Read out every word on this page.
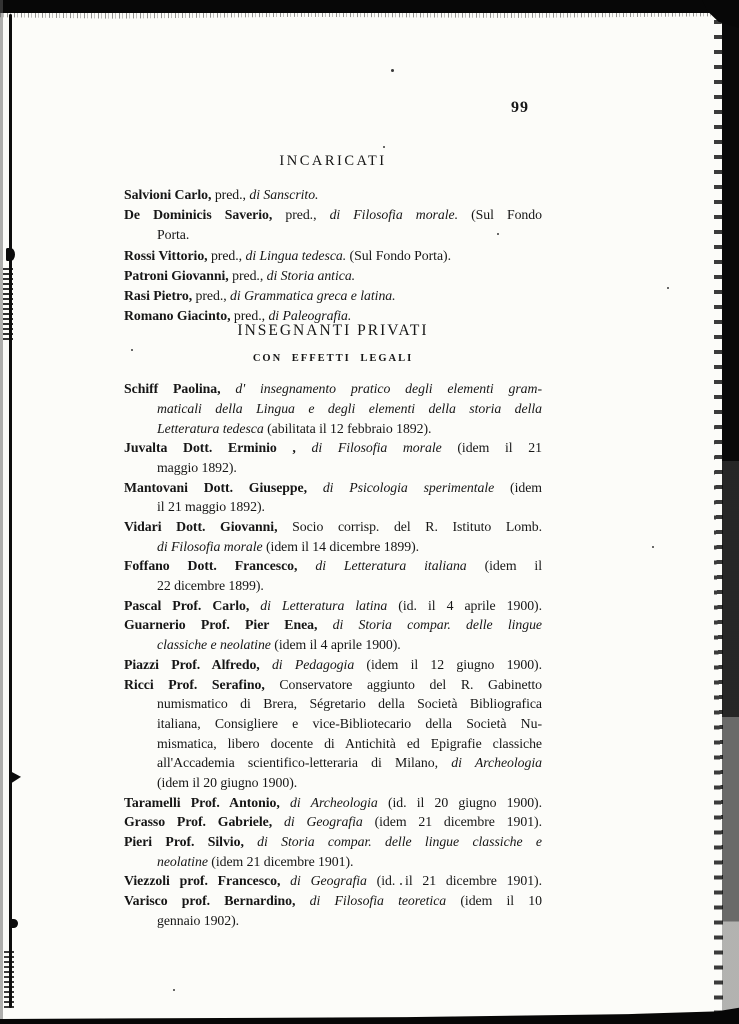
99
INCARICATI
Salvioni Carlo, pred., di Sanscrito.
De Dominicis Saverio, pred., di Filosofia morale. (Sul Fondo
Porta.
Rossi Vittorio, pred., di Lingua tedesca. (Sul Fondo Porta).
Patroni Giovanni, pred., di Storia antica.
Rasi Pietro, pred., di Grammatica greca e latina.
Romano Giacinto, pred., di Paleografia.
INSEGNANTI PRIVATI
CON EFFETTI LEGALI
Schiff Paolina, d' insegnamento pratico degli elementi gram-
maticali della Lingua e degli elementi della storia della
Letteratura tedesca (abilitata il 12 febbraio 1892).
Juvalta Dott. Erminio , di Filosofia morale (idem il 21
maggio 1892).
Mantovani Dott. Giuseppe, di Psicologia sperimentale (idem
il 21 maggio 1892).
Vidari Dott. Giovanni, Socio corrisp. del R. Istituto Lomb.
di Filosofia morale (idem il 14 dicembre 1899).
Foffano Dott. Francesco, di Letteratura italiana (idem il
22 dicembre 1899).
Pascal Prof. Carlo, di Letteratura latina (id. il 4 aprile 1900).
Guarnerio Prof. Pier Enea, di Storia compar. delle lingue
classiche e neolatine (idem il 4 aprile 1900).
Piazzi Prof. Alfredo, di Pedagogia (idem il 12 giugno 1900).
Ricci Prof. Serafino, Conservatore aggiunto del R. Gabinetto
numismatico di Brera, Ségretario della Società Bibliografica
italiana, Consigliere e vice-Bibliotecario della Società Nu-
mismatica, libero docente di Antichità ed Epigrafie classiche
all'Accademia scientifico-letteraria di Milano, di Archeologia
(idem il 20 giugno 1900).
Taramelli Prof. Antonio, di Archeologia (id. il 20 giugno 1900).
Grasso Prof. Gabriele, di Geografia (idem 21 dicembre 1901).
Pieri Prof. Silvio, di Storia compar. delle lingue classiche e
neolatine (idem 21 dicembre 1901).
Viezzoli prof. Francesco, di Geografia (id. il 21 dicembre 1901).
Varisco prof. Bernardino, di Filosofia teoretica (idem il 10
gennaio 1902).
